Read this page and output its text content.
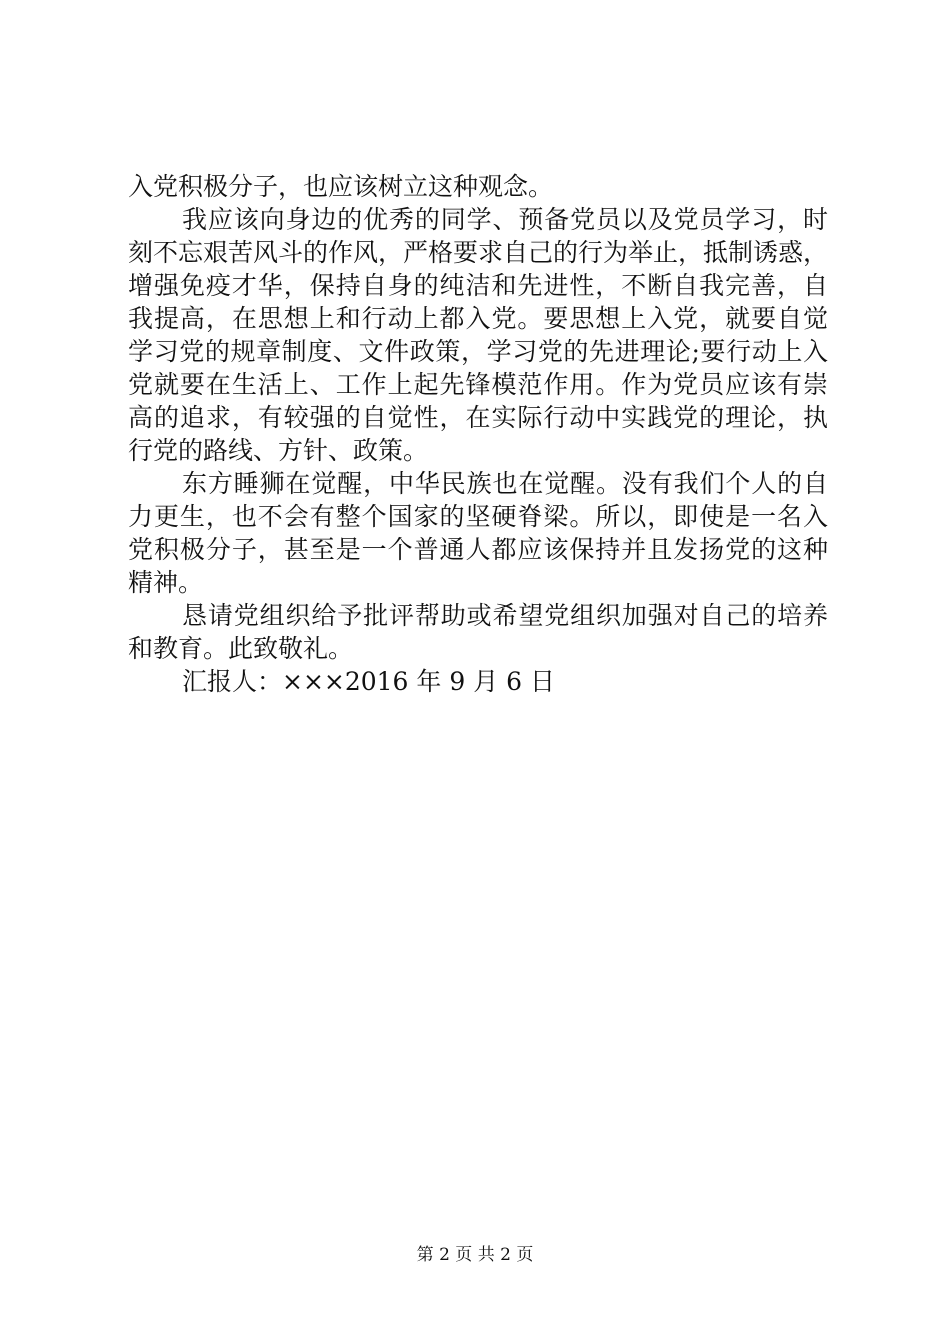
入党积极分子，也应该树立这种观念。
我应该向身边的优秀的同学、预备党员以及党员学习，时
刻不忘艰苦风斗的作风，严格要求自己的行为举止，抵制诱惑，
增强免疫才华，保持自身的纯洁和先进性，不断自我完善，自
我提高，在思想上和行动上都入党。要思想上入党，就要自觉
学习党的规章制度、文件政策，学习党的先进理论;要行动上入
党就要在生活上、工作上起先锋模范作用。作为党员应该有崇
高的追求，有较强的自觉性，在实际行动中实践党的理论，执
行党的路线、方针、政策。
东方睡狮在觉醒，中华民族也在觉醒。没有我们个人的自
力更生，也不会有整个国家的坚硬脊梁。所以，即使是一名入
党积极分子，甚至是一个普通人都应该保持并且发扬党的这种
精神。
恳请党组织给予批评帮助或希望党组织加强对自己的培养
和教育。此致敬礼。
汇报人：×××2016 年 9 月 6 日
第 2 页 共 2 页
